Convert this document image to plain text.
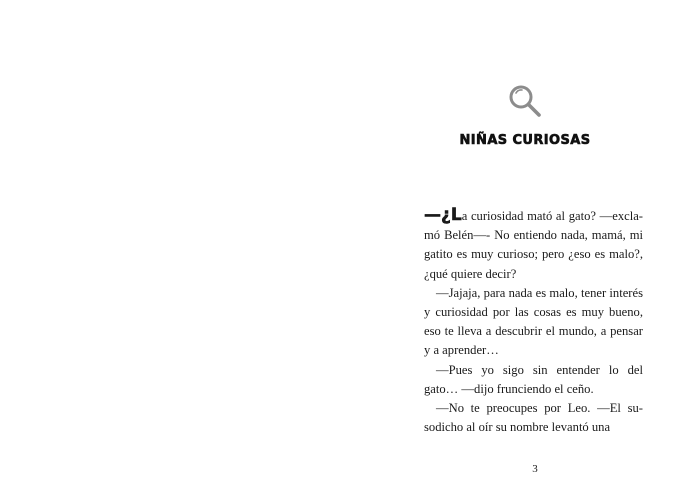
NIÑAS CURIOSAS

—¿La curiosidad mató al gato? —exclamó Belén—- No entiendo nada, mamá, mi gatito es muy curioso; pero ¿eso es malo?, ¿qué quiere decir?

—Jajaja, para nada es malo, tener interés y curiosidad por las cosas es muy bueno, eso te lleva a descubrir el mundo, a pensar y a aprender…

—Pues yo sigo sin entender lo del gato… —dijo frunciendo el ceño.

—No te preocupes por Leo. —El susodicho al oír su nombre levantó una

3
